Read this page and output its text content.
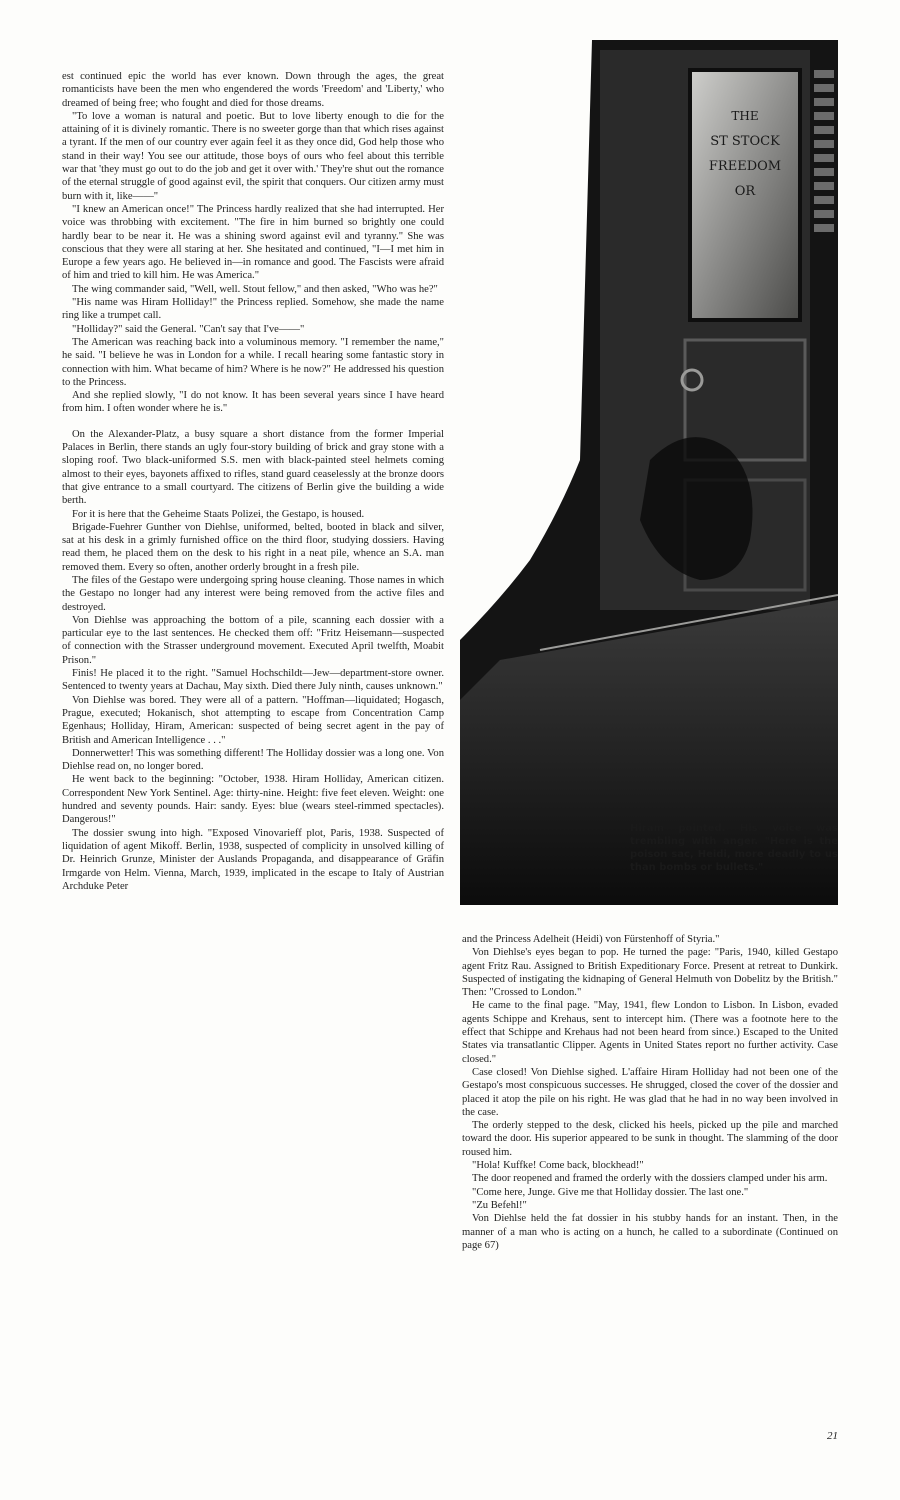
est continued epic the world has ever known. Down through the ages, the great romanticists have been the men who engendered the words 'Freedom' and 'Liberty,' who dreamed of being free; who fought and died for those dreams.

"To love a woman is natural and poetic. But to love liberty enough to die for the attaining of it is divinely romantic. There is no sweeter gorge than that which rises against a tyrant. If the men of our country ever again feel it as they once did, God help those who stand in their way! You see our attitude, those boys of ours who feel about this terrible war that 'they must go out to do the job and get it over with.' They're shut out the romance of the eternal struggle of good against evil, the spirit that conquers. Our citizen army must burn with it, like——"

"I knew an American once!" The Princess hardly realized that she had interrupted. Her voice was throbbing with excitement. "The fire in him burned so brightly one could hardly bear to be near it. He was a shining sword against evil and tyranny." She was conscious that they were all staring at her. She hesitated and continued, "I—I met him in Europe a few years ago. He believed in—in romance and good. The Fascists were afraid of him and tried to kill him. He was America."

The wing commander said, "Well, well. Stout fellow," and then asked, "Who was he?"

"His name was Hiram Holliday!" the Princess replied. Somehow, she made the name ring like a trumpet call.

"Holliday?" said the General. "Can't say that I've——"

The American was reaching back into a voluminous memory. "I remember the name," he said. "I believe he was in London for a while. I recall hearing some fantastic story in connection with him. What became of him? Where is he now?" He addressed his question to the Princess.

And she replied slowly, "I do not know. It has been several years since I have heard from him. I often wonder where he is."

On the Alexander-Platz, a busy square a short distance from the former Imperial Palaces in Berlin, there stands an ugly four-story building of brick and gray stone with a sloping roof. Two black-uniformed S.S. men with black-painted steel helmets coming almost to their eyes, bayonets affixed to rifles, stand guard ceaselessly at the bronze doors that give entrance to a small courtyard. The citizens of Berlin give the building a wide berth.

For it is here that the Geheime Staats Polizei, the Gestapo, is housed.

Brigade-Fuehrer Gunther von Diehlse, uniformed, belted, booted in black and silver, sat at his desk in a grimly furnished office on the third floor, studying dossiers. Having read them, he placed them on the desk to his right in a neat pile, whence an S.A. man removed them. Every so often, another orderly brought in a fresh pile.

The files of the Gestapo were undergoing spring house cleaning. Those names in which the Gestapo no longer had any interest were being removed from the active files and destroyed.

Von Diehlse was approaching the bottom of a pile, scanning each dossier with a particular eye to the last sentences. He checked them off: "Fritz Heisemann—suspected of connection with the Strasser underground movement. Executed April twelfth, Moabit Prison."

Finis! He placed it to the right. "Samuel Hochschildt—Jew—department-store owner. Sentenced to twenty years at Dachau, May sixth. Died there July ninth, causes unknown."

Von Diehlse was bored. They were all of a pattern. "Hoffman—liquidated; Hogasch, Prague, executed; Hokanisch, shot attempting to escape from Concentration Camp Egenhaus; Holliday, Hiram, American: suspected of being secret agent in the pay of British and American Intelligence . . ."

Donnerwetter! This was something different! The Holliday dossier was a long one. Von Diehlse read on, no longer bored.

He went back to the beginning: "October, 1938. Hiram Holliday, American citizen. Correspondent New York Sentinel. Age: thirty-nine. Height: five feet eleven. Weight: one hundred and seventy pounds. Hair: sandy. Eyes: blue (wears steel-rimmed spectacles). Dangerous!"

The dossier swung into high. "Exposed Vinovarieff plot, Paris, 1938. Suspected of liquidation of agent Mikoff. Berlin, 1938, suspected of complicity in unsolved killing of Dr. Heinrich Grunze, Minister der Auslands Propaganda, and disappearance of Gräfin Irmgarde von Helm. Vienna, March, 1939, implicated in the escape to Italy of Austrian Archduke Peter

THE
ST STOCK
FREEDOM
OR
Hiram pointed. His voice was trembling with anger. "Here is the poison sac, Heidi, more deadly to us than bombs or bullets."

and the Princess Adelheit (Heidi) von Fürstenhoff of Styria."

Von Diehlse's eyes began to pop. He turned the page: "Paris, 1940, killed Gestapo agent Fritz Rau. Assigned to British Expeditionary Force. Present at retreat to Dunkirk. Suspected of instigating the kidnaping of General Helmuth von Dobelitz by the British." Then: "Crossed to London."

He came to the final page. "May, 1941, flew London to Lisbon. In Lisbon, evaded agents Schippe and Krehaus, sent to intercept him. (There was a footnote here to the effect that Schippe and Krehaus had not been heard from since.) Escaped to the United States via transatlantic Clipper. Agents in United States report no further activity. Case closed."

Case closed! Von Diehlse sighed. L'affaire Hiram Holliday had not been one of the Gestapo's most conspicuous successes. He shrugged, closed the cover of the dossier and placed it atop the pile on his right. He was glad that he had in no way been involved in the case.

The orderly stepped to the desk, clicked his heels, picked up the pile and marched toward the door. His superior appeared to be sunk in thought. The slamming of the door roused him.

"Hola! Kuffke! Come back, blockhead!"

The door reopened and framed the orderly with the dossiers clamped under his arm.

"Come here, Junge. Give me that Holliday dossier. The last one."

"Zu Befehl!"

Von Diehlse held the fat dossier in his stubby hands for an instant. Then, in the manner of a man who is acting on a hunch, he called to a subordinate (Continued on page 67)

21
